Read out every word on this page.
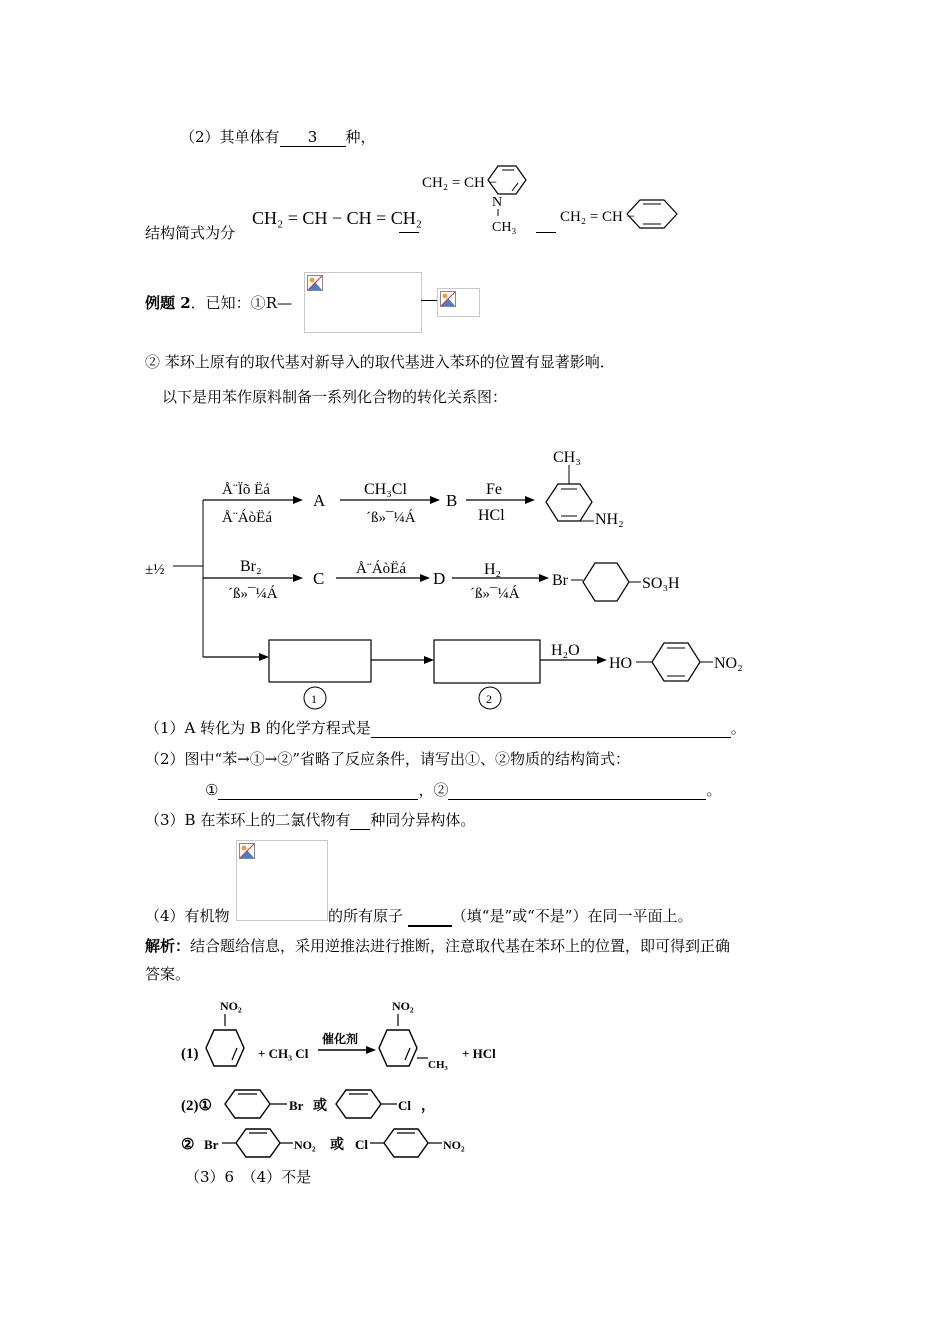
（2）其单体有 3 种，
结构简式为分
CH₂ = CH − CH = CH₂
CH₂ = CH −
N
CH₃
CH₂ = CH −
±½
Å¨Ïõ Ëá
Å¨ÁòËá
A
CH₃Cl
´ß»¯¼Á
B
Fe
HCl
CH₃
NH₂
Br₂
´ß»¯¼Á
C Å¨ÁòËá D H₂
´ß»¯¼Á
Br	SO₃H
H₂O
1	2
HO	NO₂
(1)
NO₂
+ CH₃ Cl
催化剂
NO₂
CH₃
+ HCl
(2)①	Br 或	Cl ，
② Br	NO₂ 或 Cl	NO₂
例题 2．已知：①R—
② 苯环上原有的取代基对新导入的取代基进入苯环的位置有显著影响．
以下是用苯作原料制备一系列化合物的转化关系图：
（1）A 转化为 B 的化学方程式是	。
（2）图中“苯→①→②”省略了反应条件，请写出①、②物质的结构简式：
①	，②	。
（3）B 在苯环上的二氯代物有 种同分异构体。
（4）有机物	的所有原子	（填“是”或“不是”）在同一平面上。
解析：结合题给信息，采用逆推法进行推断，注意取代基在苯环上的位置，即可得到正确
答案。
（3）6　（4）不是
